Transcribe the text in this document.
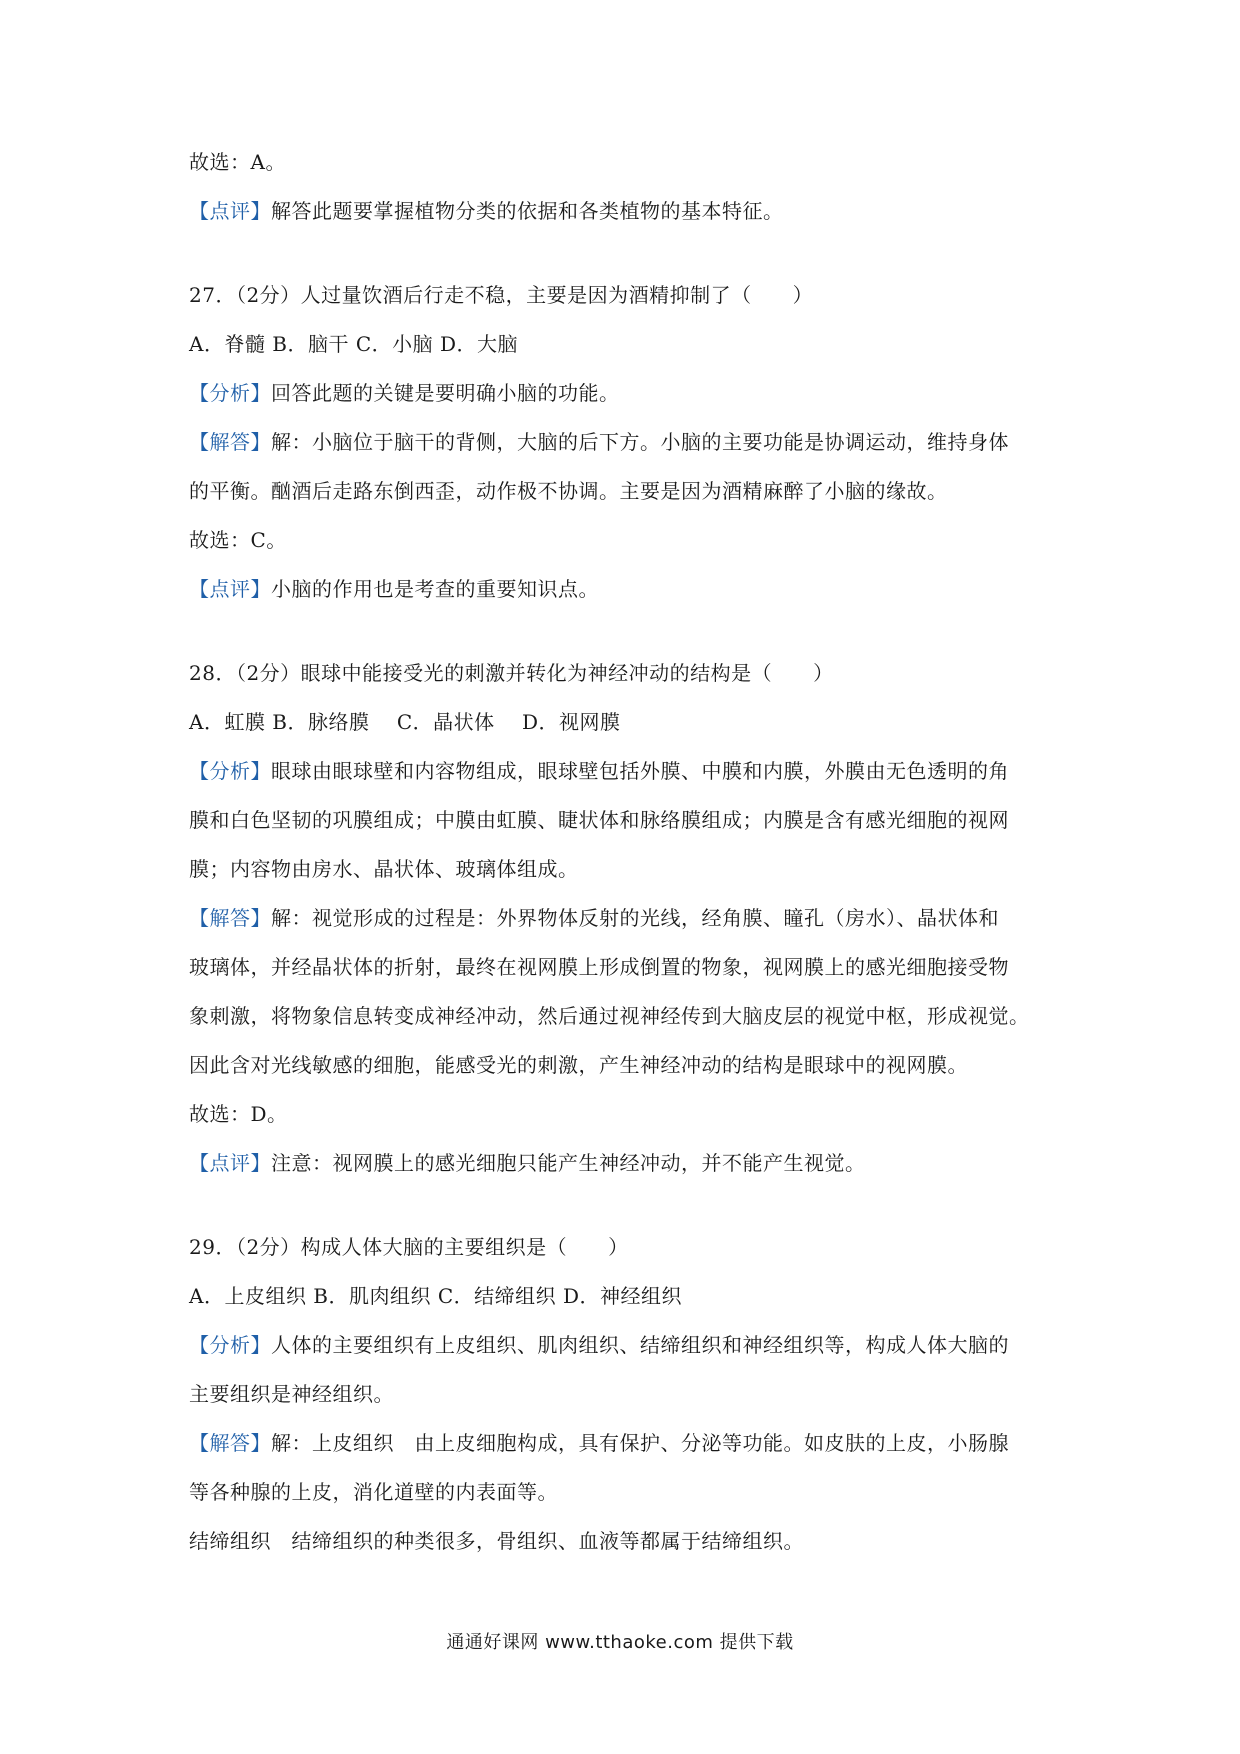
故选：A。
【点评】解答此题要掌握植物分类的依据和各类植物的基本特征。
27．（2分）人过量饮酒后行走不稳，主要是因为酒精抑制了（　　）
A．脊髓 B．脑干 C．小脑 D．大脑
【分析】回答此题的关键是要明确小脑的功能。
【解答】解：小脑位于脑干的背侧，大脑的后下方。小脑的主要功能是协调运动，维持身体
的平衡。酗酒后走路东倒西歪，动作极不协调。主要是因为酒精麻醉了小脑的缘故。
故选：C。
【点评】小脑的作用也是考查的重要知识点。
28．（2分）眼球中能接受光的刺激并转化为神经冲动的结构是（　　）
A．虹膜 B．脉络膜　 C．晶状体　 D．视网膜
【分析】眼球由眼球壁和内容物组成，眼球壁包括外膜、中膜和内膜，外膜由无色透明的角
膜和白色坚韧的巩膜组成；中膜由虹膜、睫状体和脉络膜组成；内膜是含有感光细胞的视网
膜；内容物由房水、晶状体、玻璃体组成。
【解答】解：视觉形成的过程是：外界物体反射的光线，经角膜、瞳孔（房水）、晶状体和
玻璃体，并经晶状体的折射，最终在视网膜上形成倒置的物象，视网膜上的感光细胞接受物
象刺激，将物象信息转变成神经冲动，然后通过视神经传到大脑皮层的视觉中枢，形成视觉。
因此含对光线敏感的细胞，能感受光的刺激，产生神经冲动的结构是眼球中的视网膜。
故选：D。
【点评】注意：视网膜上的感光细胞只能产生神经冲动，并不能产生视觉。
29．（2分）构成人体大脑的主要组织是（　　）
A．上皮组织 B．肌肉组织 C．结缔组织 D．神经组织
【分析】人体的主要组织有上皮组织、肌肉组织、结缔组织和神经组织等，构成人体大脑的
主要组织是神经组织。
【解答】解：上皮组织　由上皮细胞构成，具有保护、分泌等功能。如皮肤的上皮，小肠腺
等各种腺的上皮，消化道壁的内表面等。
结缔组织　结缔组织的种类很多，骨组织、血液等都属于结缔组织。
通通好课网 www.tthaoke.com 提供下载
